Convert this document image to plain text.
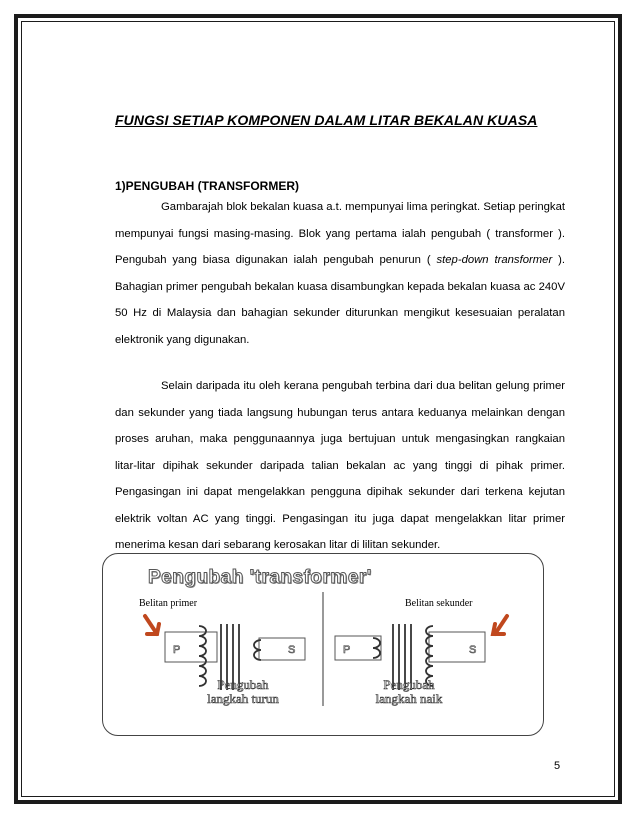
FUNGSI SETIAP KOMPONEN DALAM LITAR BEKALAN KUASA
1)PENGUBAH (TRANSFORMER)

Gambarajah blok bekalan kuasa a.t. mempunyai lima peringkat. Setiap peringkat mempunyai fungsi masing-masing. Blok yang pertama ialah pengubah ( transformer ). Pengubah yang biasa digunakan ialah pengubah penurun ( step-down transformer ). Bahagian primer pengubah bekalan kuasa disambungkan kepada bekalan kuasa ac 240V 50 Hz di Malaysia dan bahagian sekunder diturunkan mengikut kesesuaian peralatan elektronik yang digunakan.

Selain daripada itu oleh kerana pengubah terbina dari dua belitan gelung primer dan sekunder yang tiada langsung hubungan terus antara keduanya melainkan dengan proses aruhan, maka penggunaannya juga bertujuan untuk mengasingkan rangkaian litar-litar dipihak sekunder daripada talian bekalan ac yang tinggi di pihak primer. Pengasingan ini dapat mengelakkan pengguna dipihak sekunder dari terkena kejutan elektrik voltan AC yang tinggi. Pengasingan itu juga dapat mengelakkan litar primer menerima kesan dari sebarang kerosakan litar di lilitan sekunder.

Pengubah 'transformer'
Belitan primer	Belitan sekunder
P	S	P	S
Pengubah
langkah turun
Pengubah
langkah naik
5
